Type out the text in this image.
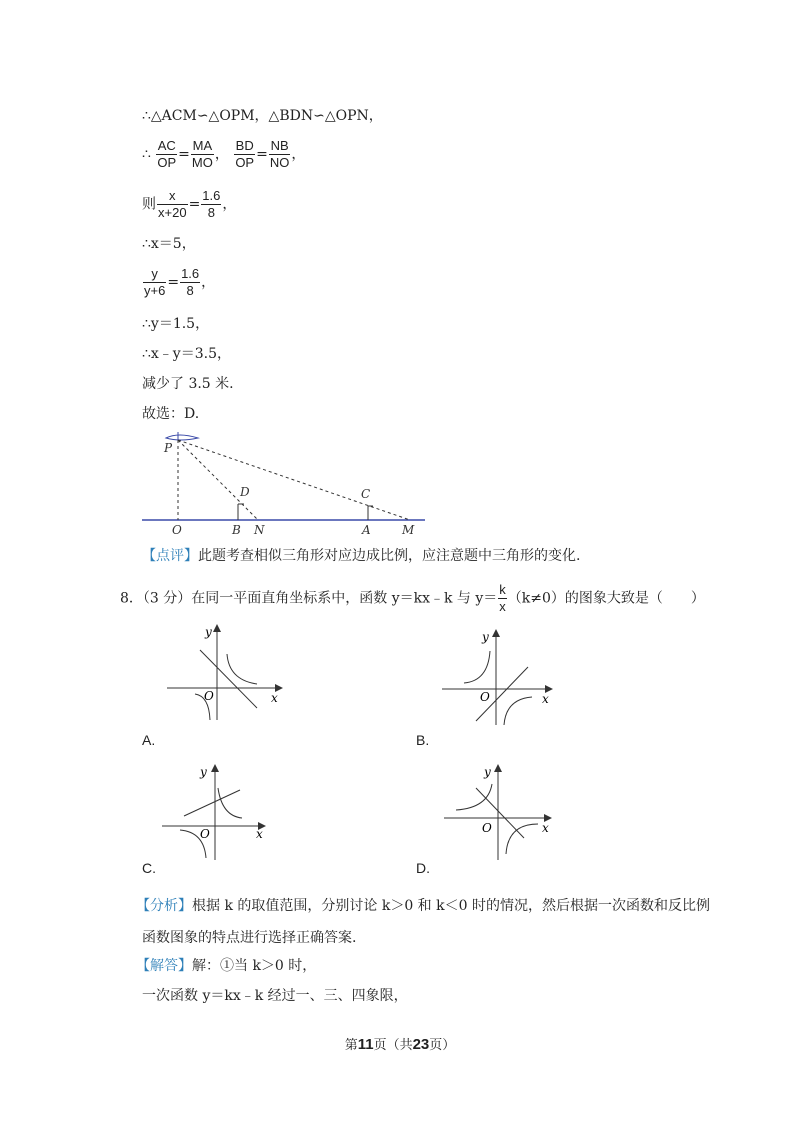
∴△ACM∽△OPM，△BDN∽△OPN，
∴ $\frac{AC}{OP} = \frac{MA}{MO}$ ， $\frac{BD}{OP} = \frac{NB}{NO}$ ，
则 $\frac{x}{x+20} = \frac{1.6}{8}$ ，
∴x＝5，
$\frac{y}{y+6} = \frac{1.6}{8}$ ，
∴y＝1.5，
∴x﹣y＝3.5，
减少了 3.5 米.
故选：D.
P
D	C
O	B N	A	M
【点评】此题考查相似三角形对应边成比例，应注意题中三角形的变化.
8．（3 分）在同一平面直角坐标系中，函数 y＝kx﹣k 与 $y= \frac{k}{x} (k\ne 0)$的图象大致是（　　）
y
x
O
A.
y
x
O
B.
y
x
O
C.
y
x
O
D.
【分析】根据 k 的取值范围，分别讨论 k＞0 和 k＜0 时的情况，然后根据一次函数和反比例
函数图象的特点进行选择正确答案.
【解答】解：①当 k＞0 时，
一次函数 y＝kx﹣k 经过一、三、四象限，
第11页（共23页）
